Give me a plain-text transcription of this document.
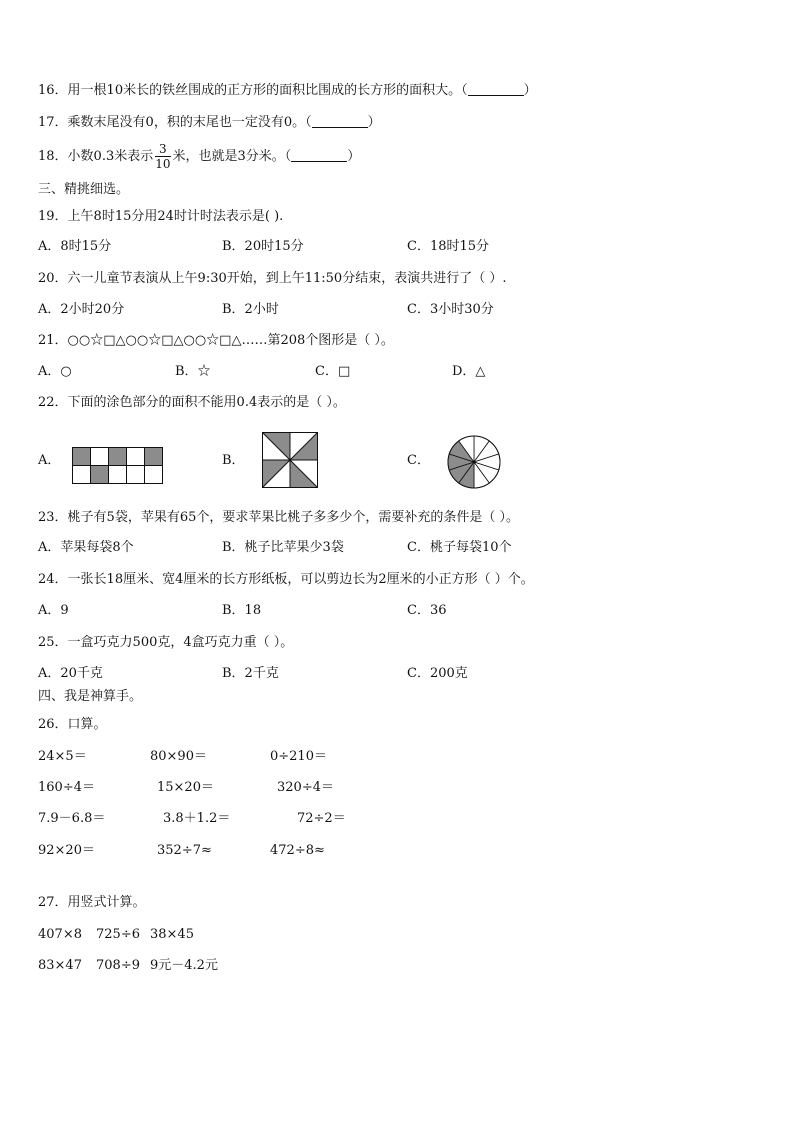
16．用一根10米长的铁丝围成的正方形的面积比围成的长方形的面积大。（	）
17．乘数末尾没有0，积的末尾也一定没有0。（	）
18．小数0.3米表示 $\frac{3}{10}$ 米，也就是3分米。（	）
三、精挑细选。
19．上午8时15分用24时计时法表示是( ).
A．8时15分	B．20时15分	C．18时15分
20．六一儿童节表演从上午9:30开始，到上午11:50分结束，表演共进行了（ ）.
A．2小时20分	B．2小时	C．3小时30分
21．○○☆□△○○☆□△○○☆□△……第208个图形是（ ）。
A．○	B．☆	C．□	D．△
22．下面的涂色部分的面积不能用0.4表示的是（ ）。
A．	B．	C．
23．桃子有5袋，苹果有65个，要求苹果比桃子多多少个，需要补充的条件是（ ）。
A．苹果每袋8个	B．桃子比苹果少3袋	C．桃子每袋10个
24．一张长18厘米、宽4厘米的长方形纸板，可以剪边长为2厘米的小正方形（ ）个。
A．9	B．18	C．36
25．一盒巧克力500克，4盒巧克力重（ ）。
A．20千克	B．2千克	C．200克
四、我是神算手。
26．口算。
24×5＝	80×90＝	0÷210＝
160÷4＝	15×20＝	320÷4＝
7.9－6.8＝	3.8＋1.2＝	72÷2＝
92×20＝	352÷7≈	472÷8≈
27．用竖式计算。
407×8 725÷6 38×45
83×47 708÷9 9元－4.2元
